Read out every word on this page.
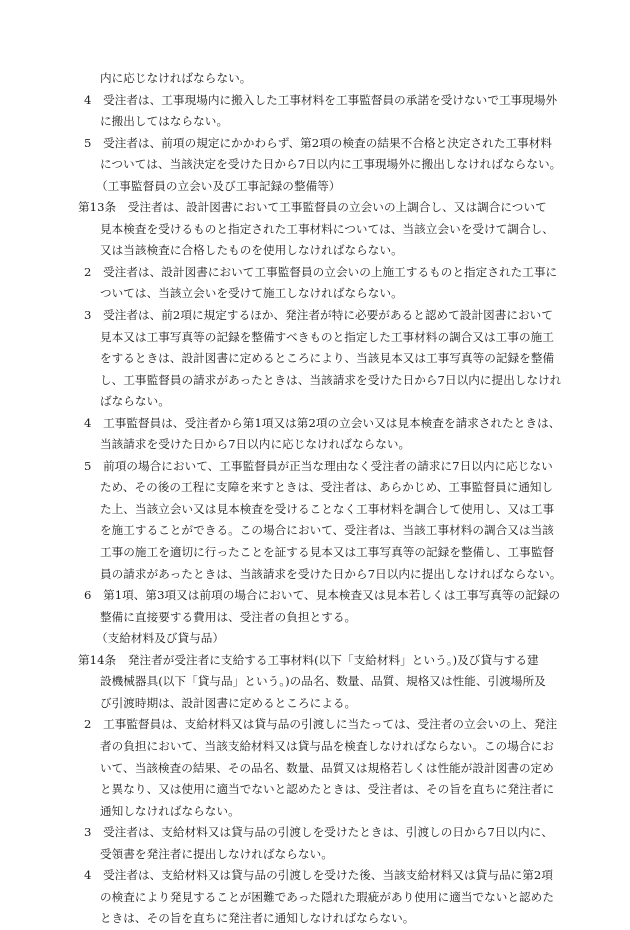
内に応じなければならない。
4　受注者は、工事現場内に搬入した工事材料を工事監督員の承諾を受けないで工事現場外
に搬出してはならない。
5　受注者は、前項の規定にかかわらず、第2項の検査の結果不合格と決定された工事材料
については、当該決定を受けた日から7日以内に工事現場外に搬出しなければならない。
（工事監督員の立会い及び工事記録の整備等）
第13条　受注者は、設計図書において工事監督員の立会いの上調合し、又は調合について
見本検査を受けるものと指定された工事材料については、当該立会いを受けて調合し、
又は当該検査に合格したものを使用しなければならない。
2　受注者は、設計図書において工事監督員の立会いの上施工するものと指定された工事に
ついては、当該立会いを受けて施工しなければならない。
3　受注者は、前2項に規定するほか、発注者が特に必要があると認めて設計図書において
見本又は工事写真等の記録を整備すべきものと指定した工事材料の調合又は工事の施工
をするときは、設計図書に定めるところにより、当該見本又は工事写真等の記録を整備
し、工事監督員の請求があったときは、当該請求を受けた日から7日以内に提出しなけれ
ばならない。
4　工事監督員は、受注者から第1項又は第2項の立会い又は見本検査を請求されたときは、
当該請求を受けた日から7日以内に応じなければならない。
5　前項の場合において、工事監督員が正当な理由なく受注者の請求に7日以内に応じない
ため、その後の工程に支障を来すときは、受注者は、あらかじめ、工事監督員に通知し
た上、当該立会い又は見本検査を受けることなく工事材料を調合して使用し、又は工事
を施工することができる。この場合において、受注者は、当該工事材料の調合又は当該
工事の施工を適切に行ったことを証する見本又は工事写真等の記録を整備し、工事監督
員の請求があったときは、当該請求を受けた日から7日以内に提出しなければならない。
6　第1項、第3項又は前項の場合において、見本検査又は見本若しくは工事写真等の記録の
整備に直接要する費用は、受注者の負担とする。
（支給材料及び貸与品）
第14条　発注者が受注者に支給する工事材料(以下「支給材料」という。)及び貸与する建
設機械器具(以下「貸与品」という。)の品名、数量、品質、規格又は性能、引渡場所及
び引渡時期は、設計図書に定めるところによる。
2　工事監督員は、支給材料又は貸与品の引渡しに当たっては、受注者の立会いの上、発注
者の負担において、当該支給材料又は貸与品を検査しなければならない。この場合にお
いて、当該検査の結果、その品名、数量、品質又は規格若しくは性能が設計図書の定め
と異なり、又は使用に適当でないと認めたときは、受注者は、その旨を直ちに発注者に
通知しなければならない。
3　受注者は、支給材料又は貸与品の引渡しを受けたときは、引渡しの日から7日以内に、
受領書を発注者に提出しなければならない。
4　受注者は、支給材料又は貸与品の引渡しを受けた後、当該支給材料又は貸与品に第2項
の検査により発見することが困難であった隠れた瑕疵があり使用に適当でないと認めた
ときは、その旨を直ちに発注者に通知しなければならない。
